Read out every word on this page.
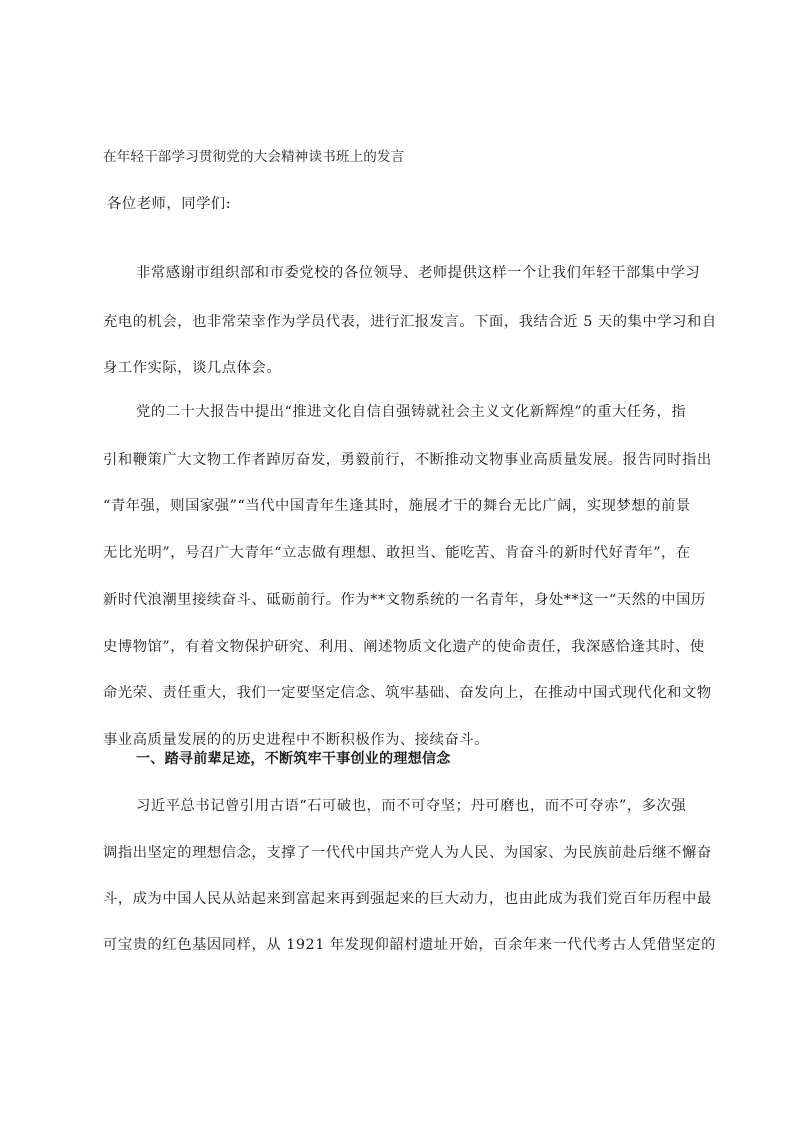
在年轻干部学习贯彻党的大会精神读书班上的发言
各位老师，同学们:
非常感谢市组织部和市委党校的各位领导、老师提供这样一个让我们年轻干部集中学习
充电的机会，也非常荣幸作为学员代表，进行汇报发言。下面，我结合近 5 天的集中学习和自
身工作实际，谈几点体会。
党的二十大报告中提出“推进文化自信自强铸就社会主义文化新辉煌”的重大任务，指
引和鞭策广大文物工作者踔厉奋发，勇毅前行，不断推动文物事业高质量发展。报告同时指出
“青年强，则国家强”“当代中国青年生逢其时，施展才干的舞台无比广阔，实现梦想的前景
无比光明”，号召广大青年“立志做有理想、敢担当、能吃苦、肯奋斗的新时代好青年”，在
新时代浪潮里接续奋斗、砥砺前行。作为**文物系统的一名青年，身处**这一“天然的中国历
史博物馆”，有着文物保护研究、利用、阐述物质文化遗产的使命责任，我深感恰逢其时、使
命光荣、责任重大，我们一定要坚定信念、筑牢基础、奋发向上，在推动中国式现代化和文物
事业高质量发展的的历史进程中不断积极作为、接续奋斗。
一、踏寻前辈足迹，不断筑牢干事创业的理想信念
习近平总书记曾引用古语“石可破也，而不可夺坚；丹可磨也，而不可夺赤”，多次强
调指出坚定的理想信念，支撑了一代代中国共产党人为人民、为国家、为民族前赴后继不懈奋
斗，成为中国人民从站起来到富起来再到强起来的巨大动力，也由此成为我们党百年历程中最
可宝贵的红色基因同样，从 1921 年发现仰韶村遗址开始，百余年来一代代考古人凭借坚定的
